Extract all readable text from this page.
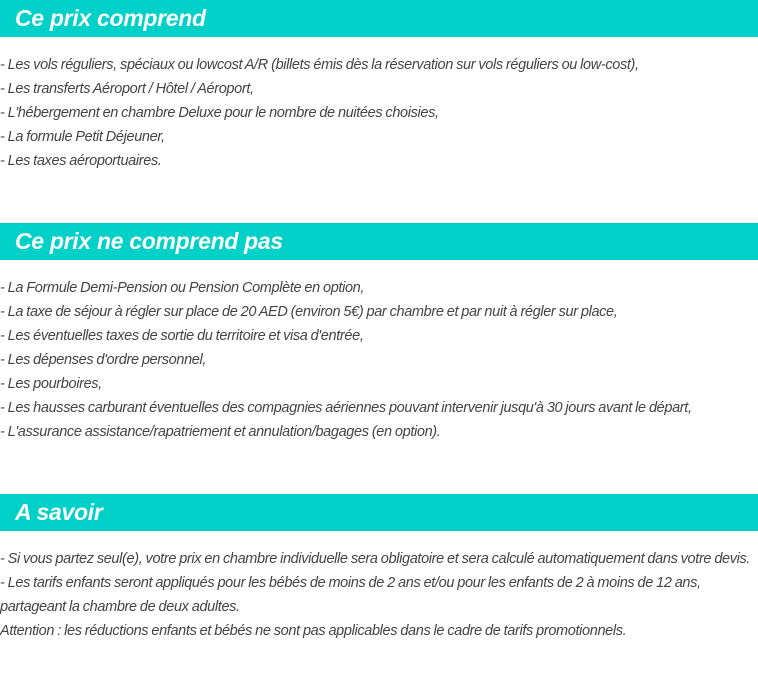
Ce prix comprend
- Les vols réguliers, spéciaux ou lowcost A/R (billets émis dès la réservation sur vols réguliers ou low-cost),
- Les transferts Aéroport / Hôtel / Aéroport,
- L'hébergement en chambre Deluxe pour le nombre de nuitées choisies,
- La formule Petit Déjeuner,
- Les taxes aéroportuaires.
Ce prix ne comprend pas
- La Formule Demi-Pension ou Pension Complète en option,
- La taxe de séjour à régler sur place de 20 AED (environ 5€) par chambre et par nuit à régler sur place,
- Les éventuelles taxes de sortie du territoire et visa d'entrée,
- Les dépenses d'ordre personnel,
- Les pourboires,
- Les hausses carburant éventuelles des compagnies aériennes pouvant intervenir jusqu'à 30 jours avant le départ,
- L'assurance assistance/rapatriement et annulation/bagages (en option).
A savoir
- Si vous partez seul(e), votre prix en chambre individuelle sera obligatoire et sera calculé automatiquement dans votre devis.
- Les tarifs enfants seront appliqués pour les bébés de moins de 2 ans et/ou pour les enfants de 2 à moins de 12 ans, partageant la chambre de deux adultes.
Attention : les réductions enfants et bébés ne sont pas applicables dans le cadre de tarifs promotionnels.
